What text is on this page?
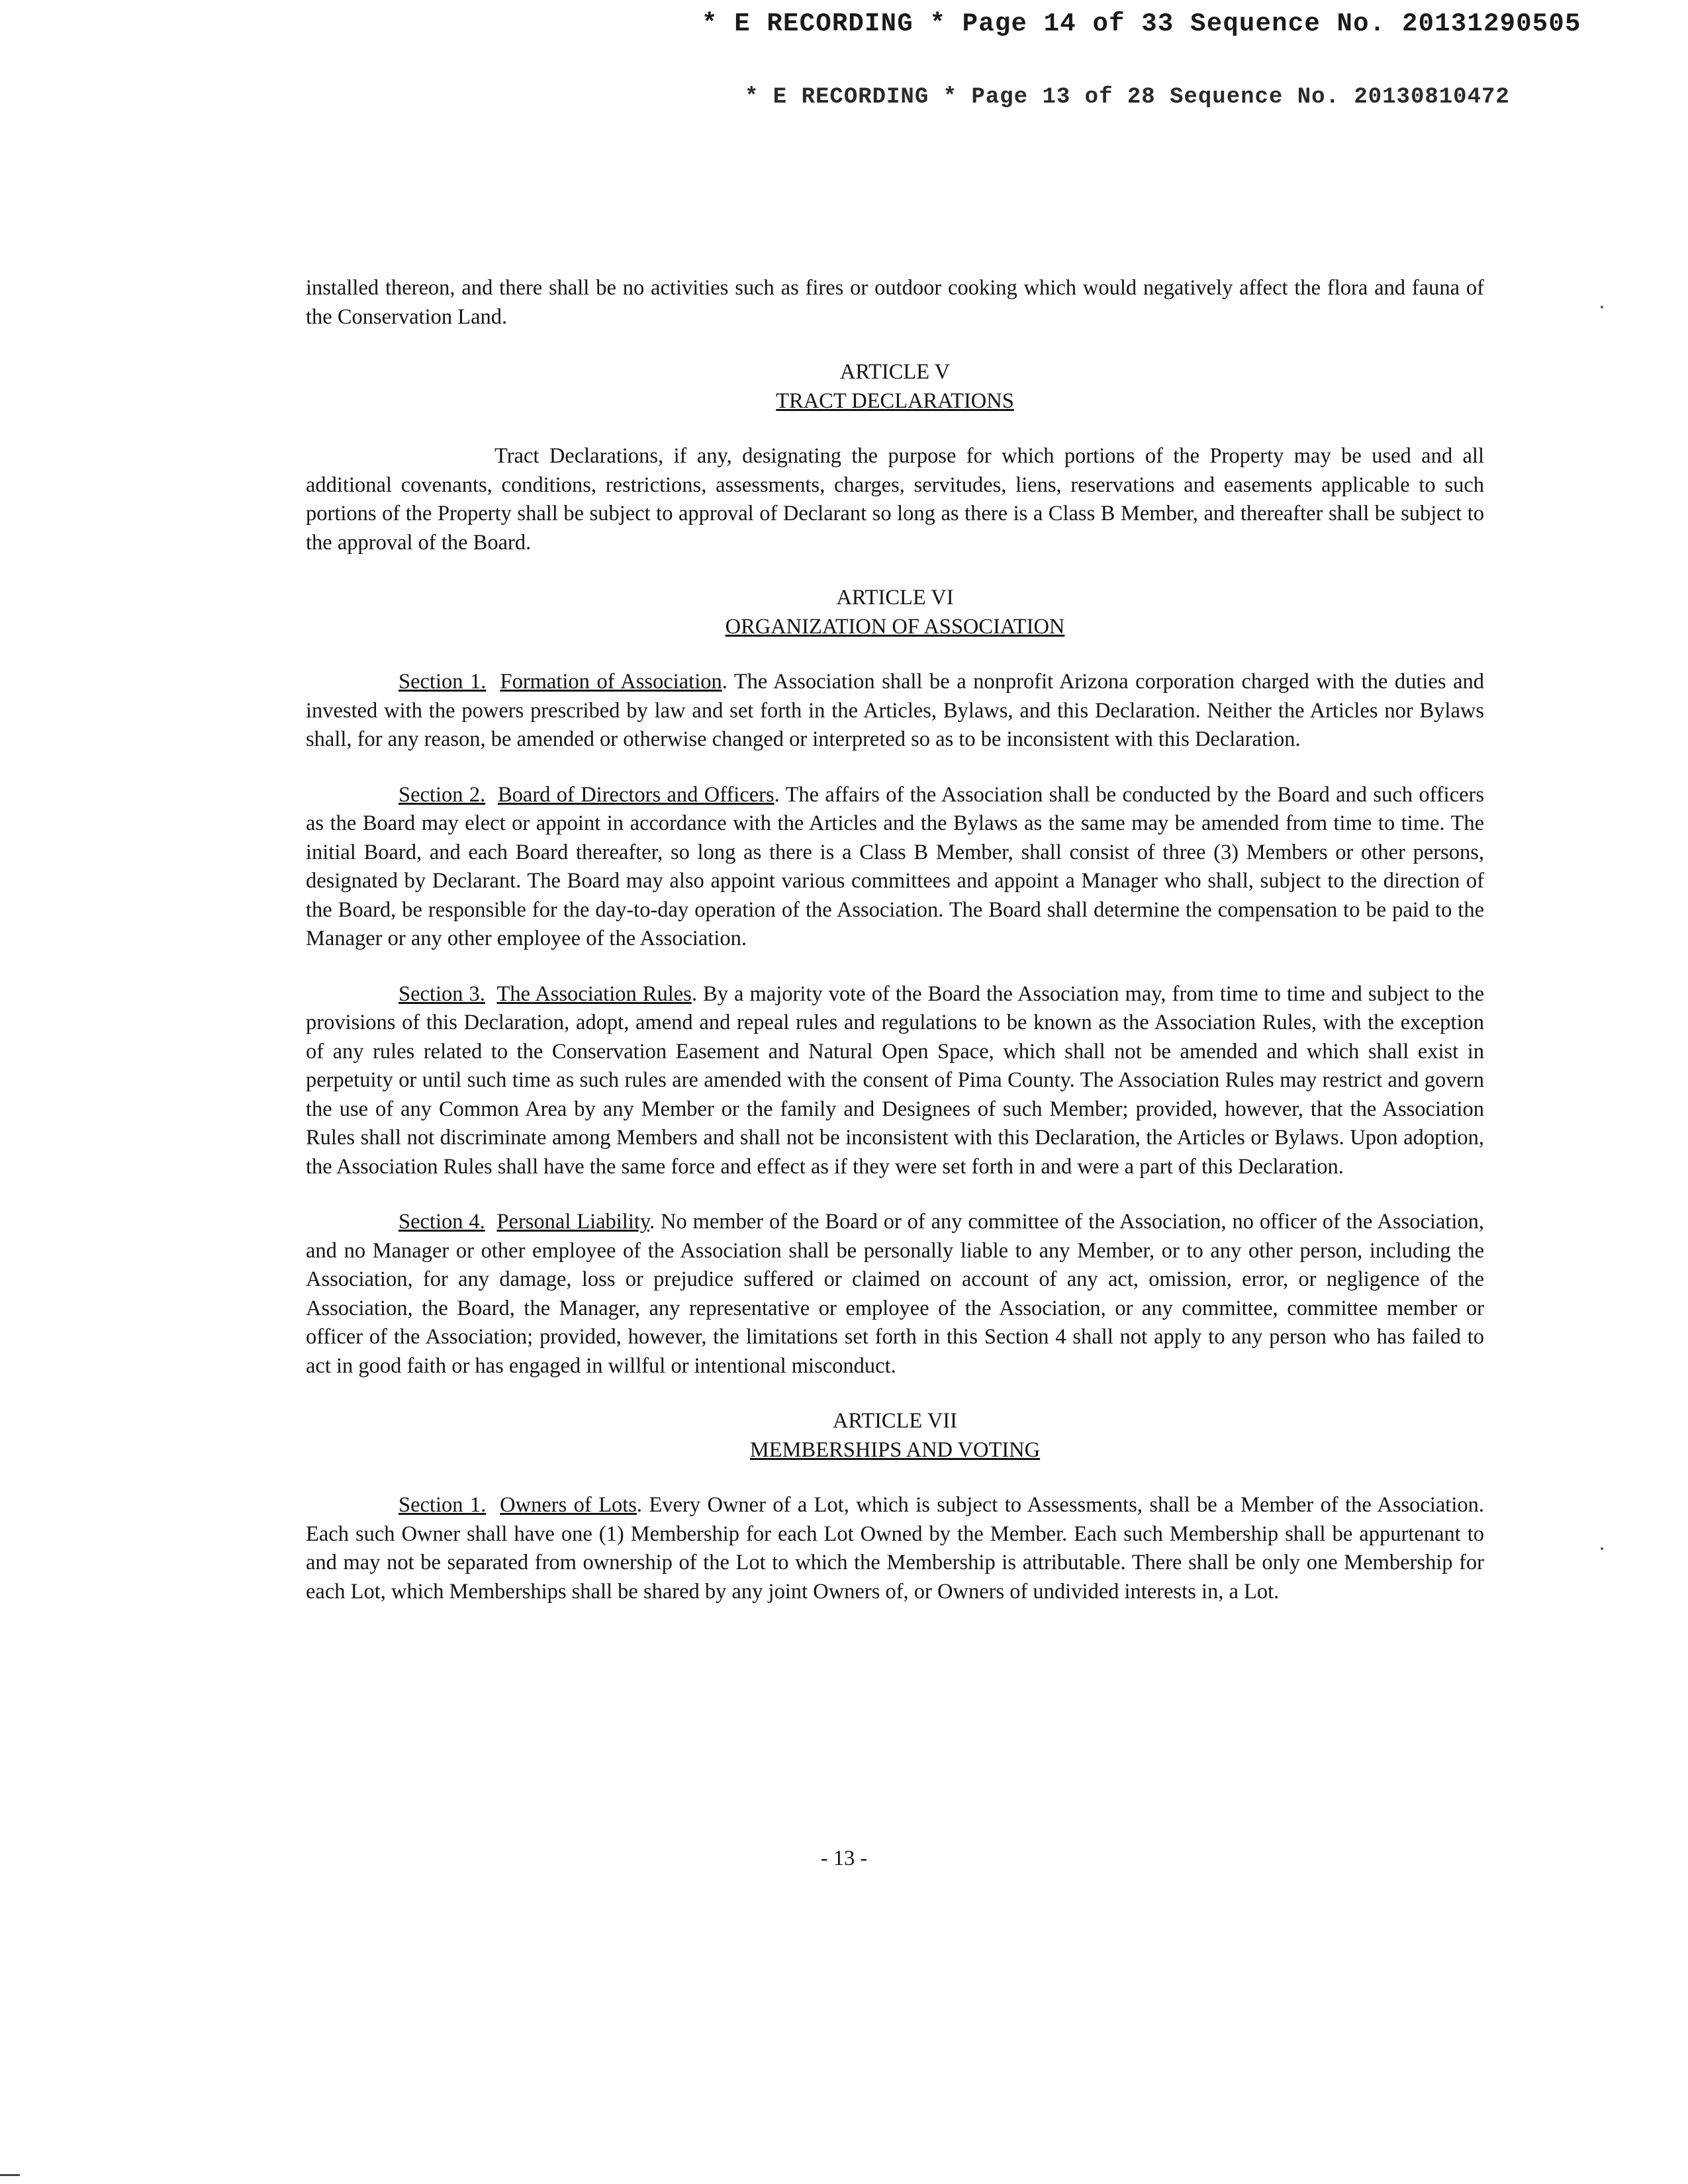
* E RECORDING * Page 14 of 33 Sequence No. 20131290505
* E RECORDING * Page 13 of 28 Sequence No. 20130810472

installed thereon, and there shall be no activities such as fires or outdoor cooking which would negatively affect the flora and fauna of the Conservation Land.

ARTICLE V
TRACT DECLARATIONS

Tract Declarations, if any, designating the purpose for which portions of the Property may be used and all additional covenants, conditions, restrictions, assessments, charges, servitudes, liens, reservations and easements applicable to such portions of the Property shall be subject to approval of Declarant so long as there is a Class B Member, and thereafter shall be subject to the approval of the Board.

ARTICLE VI
ORGANIZATION OF ASSOCIATION

Section 1. Formation of Association. The Association shall be a nonprofit Arizona corporation charged with the duties and invested with the powers prescribed by law and set forth in the Articles, Bylaws, and this Declaration. Neither the Articles nor Bylaws shall, for any reason, be amended or otherwise changed or interpreted so as to be inconsistent with this Declaration.

Section 2. Board of Directors and Officers. The affairs of the Association shall be conducted by the Board and such officers as the Board may elect or appoint in accordance with the Articles and the Bylaws as the same may be amended from time to time. The initial Board, and each Board thereafter, so long as there is a Class B Member, shall consist of three (3) Members or other persons, designated by Declarant. The Board may also appoint various committees and appoint a Manager who shall, subject to the direction of the Board, be responsible for the day-to-day operation of the Association. The Board shall determine the compensation to be paid to the Manager or any other employee of the Association.

Section 3. The Association Rules. By a majority vote of the Board the Association may, from time to time and subject to the provisions of this Declaration, adopt, amend and repeal rules and regulations to be known as the Association Rules, with the exception of any rules related to the Conservation Easement and Natural Open Space, which shall not be amended and which shall exist in perpetuity or until such time as such rules are amended with the consent of Pima County. The Association Rules may restrict and govern the use of any Common Area by any Member or the family and Designees of such Member; provided, however, that the Association Rules shall not discriminate among Members and shall not be inconsistent with this Declaration, the Articles or Bylaws. Upon adoption, the Association Rules shall have the same force and effect as if they were set forth in and were a part of this Declaration.

Section 4. Personal Liability. No member of the Board or of any committee of the Association, no officer of the Association, and no Manager or other employee of the Association shall be personally liable to any Member, or to any other person, including the Association, for any damage, loss or prejudice suffered or claimed on account of any act, omission, error, or negligence of the Association, the Board, the Manager, any representative or employee of the Association, or any committee, committee member or officer of the Association; provided, however, the limitations set forth in this Section 4 shall not apply to any person who has failed to act in good faith or has engaged in willful or intentional misconduct.

ARTICLE VII
MEMBERSHIPS AND VOTING

Section 1. Owners of Lots. Every Owner of a Lot, which is subject to Assessments, shall be a Member of the Association. Each such Owner shall have one (1) Membership for each Lot Owned by the Member. Each such Membership shall be appurtenant to and may not be separated from ownership of the Lot to which the Membership is attributable. There shall be only one Membership for each Lot, which Memberships shall be shared by any joint Owners of, or Owners of undivided interests in, a Lot.

- 13 -
